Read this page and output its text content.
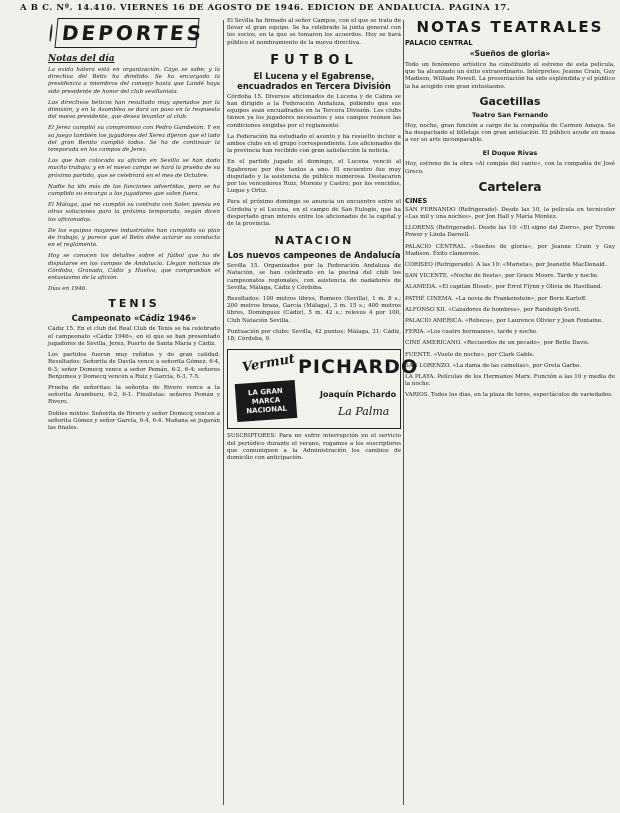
A B C. Nº. 14.410. VIERNES 16 DE AGOSTO DE 1946. EDICION DE ANDALUCIA. PAGINA 17.
DEPORTES
Notas del día

La exida hátera está en organización. Cayo se sabe; y la directiva del Betis ha dimitido. Se ha encargado la presidencia a miembros del consejo hasta que Landé haya sido presidente de honor del club sevillanista.

Los directivos béticos han resultado muy apenados por la dimisión, y en la Asamblea se dará un paso en la respuesta del nuevo presidente, que desea levantar al club.

El Jerez cumplió su compromiso con Pedro Gambetón. Y en su juego también los jugadores del Xerez dijeron que el lado del gran Benito cumplió todos. Se ha de continuar la temporada en los campos de Jerez.

Los que han colocado su afición en Sevilla se han dado mucho trabajo; y en el nuevo campo se hará la prueba de su próximo partido, que se celebrará en el mes de Octubre.

Nadie ha ido más de las funciones advertidas, pero se ha cumplido su encargo a los jugadores que salen fuera.

El Málaga, que no cumplió su contrato con Soler, piensa en otras soluciones para la próxima temporada, según dicen los aficionados.

De los equipos mayores industriales han cumplido su plan de trabajo, y parece que el Betis debe aclarar su conducta en el reglamento.

Hoy se conocen los detalles sobre el fútbol que ha de disputarse en los campos de Andalucía. Llegan noticias de Córdoba, Granada, Cádiz y Huelva, que comprueban el entusiasmo de la afición.

Días en 1946.

TENIS
Campeonato «Cádiz 1946»

Cádiz 15. En el club del Real Club de Tenis se ha celebrado el campeonato «Cádiz 1946», en el que se han presentado jugadores de Sevilla, Jerez, Puerto de Santa María y Cádiz.

Los partidos fueron muy reñidos y de gran calidad. Resultados: Señorita de Davila vence a señorita Gómez, 6-4, 6-3; señor Domecq vence a señor Pemán, 6-2, 6-4; señores Benjumea y Domecq vencen a Ruiz y García, 6-3, 7-5.

Prueba de señoritas: la señorita de Rivero vence a la señorita Aramburu, 6-2, 6-1. Finalistas: señores Pemán y Rivero.

Dobles mixtos: Señorita de Rivero y señor Domecq vencen a señorita Gómez y señor García, 6-4, 6-4. Mañana se jugarán las finales.

El Sevilla ha firmado al señor Campos, con el que se trata de llevar el gran equipo. Se ha celebrado la junta general con los socios, en la que se tomaron los acuerdos. Hoy se hará público el nombramiento de la nueva directiva.

FUTBOL
El Lucena y el Egabrense, encuadrados en Tercera División

Córdoba 15. Diversos aficionados de Lucena y de Cabra se han dirigido a la Federación Andaluza, pidiendo que sus equipos sean encuadrados en la Tercera División. Los clubs tienen ya los jugadores necesarios y sus campos reúnen las condiciones exigidas por el reglamento.

La Federación ha estudiado el asunto y ha resuelto incluir a ambos clubs en el grupo correspondiente. Los aficionados de la provincia han recibido con gran satisfacción la noticia.

En el partido jugado el domingo, el Lucena venció al Egabrense por dos tantos a uno. El encuentro fue muy disputado y la asistencia de público numerosa. Destacaron por los vencedores Ruiz, Moreno y Castro; por los vencidos, Luque y Ortiz.

Para el próximo domingo se anuncia un encuentro entre el Córdoba y el Lucena, en el campo de San Eulogio, que ha despertado gran interés entre los aficionados de la capital y de la provincia.

NATACION
Los nuevos campeones de Andalucía

Sevilla 15. Organizados por la Federación Andaluza de Natación, se han celebrado en la piscina del club los campeonatos regionales, con asistencia de nadadores de Sevilla, Málaga, Cádiz y Córdoba.

Resultados: 100 metros libres, Romero (Sevilla), 1 m. 8 s.; 200 metros braza, García (Málaga), 3 m. 15 s.; 400 metros libres, Domínguez (Cádiz), 5 m. 42 s.; relevos 4 por 100, Club Natación Sevilla.

Puntuación por clubs: Sevilla, 42 puntos; Málaga, 31; Cádiz, 18; Córdoba, 9.

Vermut PICHARDO
LA GRAN MARCA NACIONAL
Joaquín Pichardo
La Palma

SUSCRIPTORES: Para no sufrir interrupción en el servicio del periódico durante el verano, rogamos a los suscriptores que comuniquen a la Administración los cambios de domicilio con anticipación.

NOTAS TEATRALES
PALACIO CENTRAL
«Sueños de gloria»

Todo un fenómeno artístico ha constituido el estreno de esta película, que ha alcanzado un éxito extraordinario. Intérpretes: Jeanne Crain, Guy Madison, William Powell. La presentación ha sido espléndida y el público la ha acogido con gran entusiasmo.

Gacetillas
Teatro San Fernando

Hoy, noche, gran función a cargo de la compañía de Carmen Amaya. Se ha despachado el billetaje con gran antelación. El público acude en masa a ver su arte incomparable.

El Duque Rivas

Hoy, estreno de la obra «Al compás del cante», con la compañía de José Greco.

Cartelera
CINES

SAN FERNANDO (Refrigerado). Desde las 10, la película en tecnicolor «Las mil y una noches», por Jon Hall y María Montez.

LLORENS (Refrigerado). Desde las 10: «El signo del Zorro», por Tyrone Power y Linda Darnell.

PALACIO CENTRAL. «Sueños de gloria», por Jeanne Crain y Guy Madison. Éxito clamoroso.

CORISEO (Refrigerado). A las 10: «Marieta», por Jeanette MacDonald.

SAN VICENTE. «Noche de fiesta», por Grace Moore. Tarde y noche.

ALAMEDA. «El capitán Blood», por Errol Flynn y Olivia de Havilland.

PATHÉ CINEMA. «La novia de Frankenstein», por Boris Karloff.

ALFONSO XII. «Cazadores de hombres», por Randolph Scott.

PALACIO AMERICA. «Rebeca», por Laurence Olivier y Joan Fontaine.

FERIA. «Los cuatro hermanos», tarde y noche.

CINE AMERICANO. «Recuerdos de un pecado», por Bette Davis.

FUENTE. «Vuelo de noche», por Clark Gable.

SAN LORENZO. «La dama de las camelias», por Greta Garbo.

LA PLAYA. Películas de los Hermanos Marx. Función a las 10 y media de la noche.

VARIOS. Todos los días, en la plaza de toros, espectáculos de variedades.
